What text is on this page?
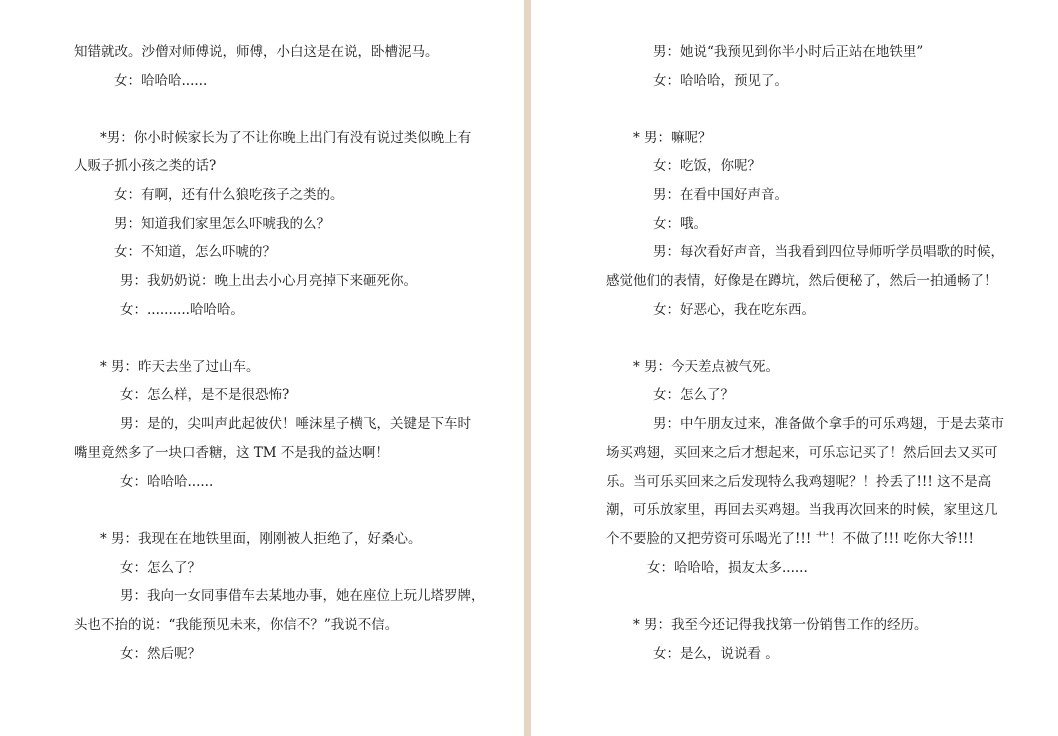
知错就改。沙僧对师傅说，师傅，小白这是在说，卧槽泥马。
女：哈哈哈......
*男：你小时候家长为了不让你晚上出门有没有说过类似晚上有
人贩子抓小孩之类的话?
女：有啊，还有什么狼吃孩子之类的。
男：知道我们家里怎么吓唬我的么？
女：不知道，怎么吓唬的？
男：我奶奶说：晚上出去小心月亮掉下来砸死你。
女：..........哈哈哈。
* 男：昨天去坐了过山车。
女：怎么样，是不是很恐怖?
男：是的，尖叫声此起彼伏！唾沫星子横飞，关键是下车时
嘴里竟然多了一块口香糖，这 TM 不是我的益达啊！
女：哈哈哈......
* 男：我现在在地铁里面，刚刚被人拒绝了，好桑心。
女：怎么了？
男：我向一女同事借车去某地办事，她在座位上玩儿塔罗牌，
头也不抬的说：“我能预见未来，你信不？”我说不信。
女：然后呢？
男：她说“我预见到你半小时后正站在地铁里”
女：哈哈哈，预见了。
* 男：嘛呢？
女：吃饭，你呢？
男：在看中国好声音。
女：哦。
男：每次看好声音，当我看到四位导师听学员唱歌的时候，
感觉他们的表情，好像是在蹲坑，然后便秘了，然后一拍通畅了！
女：好恶心，我在吃东西。
* 男：今天差点被气死。
女：怎么了？
男：中午朋友过来，准备做个拿手的可乐鸡翅，于是去菜市
场买鸡翅，买回来之后才想起来，可乐忘记买了！然后回去又买可
乐。当可乐买回来之后发现特么我鸡翅呢？！拎丢了!!! 这不是高
潮，可乐放家里，再回去买鸡翅。当我再次回来的时候，家里这几
个不要脸的又把劳资可乐喝光了!!! 艹！不做了!!! 吃你大爷!!!
女：哈哈哈，损友太多......
* 男：我至今还记得我找第一份销售工作的经历。
女：是么，说说看 。
